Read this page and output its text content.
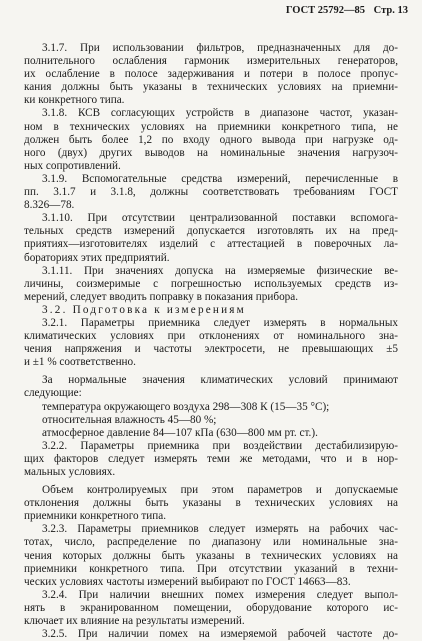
ГОСТ 25792—85 Стр. 13
3.1.7. При использовании фильтров, предназначенных для до-
полнительного ослабления гармоник измерительных генераторов,
их ослабление в полосе задерживания и потери в полосе пропус-
кания должны быть указаны в технических условиях на приемни-
ки конкретного типа.
3.1.8. КСВ согласующих устройств в диапазоне частот, указан-
ном в технических условиях на приемники конкретного типа, не
должен быть более 1,2 по входу одного вывода при нагрузке од-
ного (двух) других выводов на номинальные значения нагрузоч-
ных сопротивлений.
3.1.9. Вспомогательные средства измерений, перечисленные в
пп. 3.1.7 и 3.1.8, должны соответствовать требованиям ГОСТ
8.326—78.
3.1.10. При отсутствии централизованной поставки вспомога-
тельных средств измерений допускается изготовлять их на пред-
приятиях—изготовителях изделий с аттестацией в поверочных ла-
бораториях этих предприятий.
3.1.11. При значениях допуска на измеряемые физические ве-
личины, соизмеримые с погрешностью используемых средств из-
мерений, следует вводить поправку в показания прибора.
3.2. Подготовка к измерениям
3.2.1. Параметры приемника следует измерять в нормальных
климатических условиях при отклонениях от номинального зна-
чения напряжения и частоты электросети, не превышающих ±5
и ±1 % соответственно.
За нормальные значения климатических условий принимают
следующие:
температура окружающего воздуха 298—308 К (15—35 °С);
относительная влажность 45—80 %;
атмосферное давление 84—107 кПа (630—800 мм рт. ст.).
3.2.2. Параметры приемника при воздействии дестабилизирую-
щих факторов следует измерять теми же методами, что и в нор-
мальных условиях.
Объем контролируемых при этом параметров и допускаемые
отклонения должны быть указаны в технических условиях на
приемники конкретного типа.
3.2.3. Параметры приемников следует измерять на рабочих час-
тотах, число, распределение по диапазону или номинальные зна-
чения которых должны быть указаны в технических условиях на
приемники конкретного типа. При отсутствии указаний в техни-
ческих условиях частоты измерений выбирают по ГОСТ 14663—83.
3.2.4. При наличии внешних помех измерения следует выпол-
нять в экранированном помещении, оборудование которого ис-
ключает их влияние на результаты измерений.
3.2.5. При наличии помех на измеряемой рабочей частоте до-
